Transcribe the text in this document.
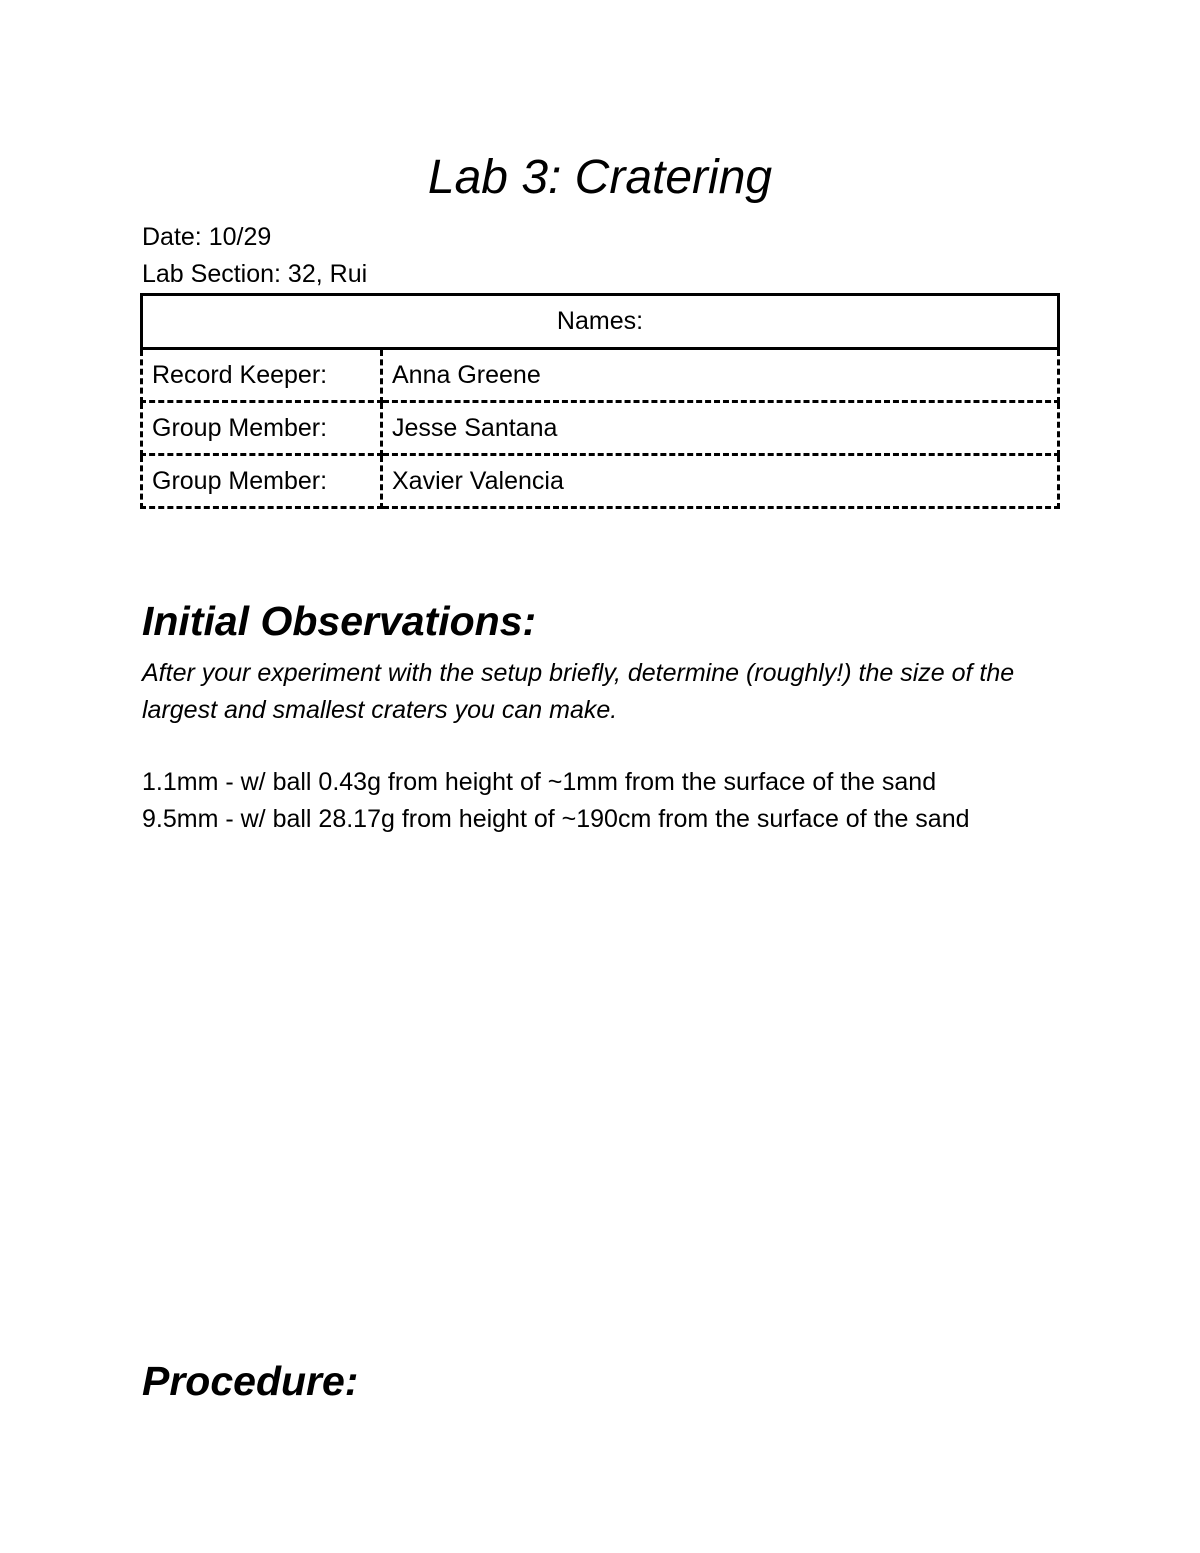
Lab 3: Cratering

Date: 10/29

Lab Section: 32, Rui

Names:	
Record Keeper:	Anna Greene
Group Member:	Jesse Santana
Group Member:	Xavier Valencia
Initial Observations:

After your experiment with the setup briefly, determine (roughly!) the size of the largest and smallest craters you can make.

1.1mm - w/ ball 0.43g from height of ~1mm from the surface of the sand

9.5mm - w/ ball 28.17g from height of ~190cm from the surface of the sand

Procedure:
